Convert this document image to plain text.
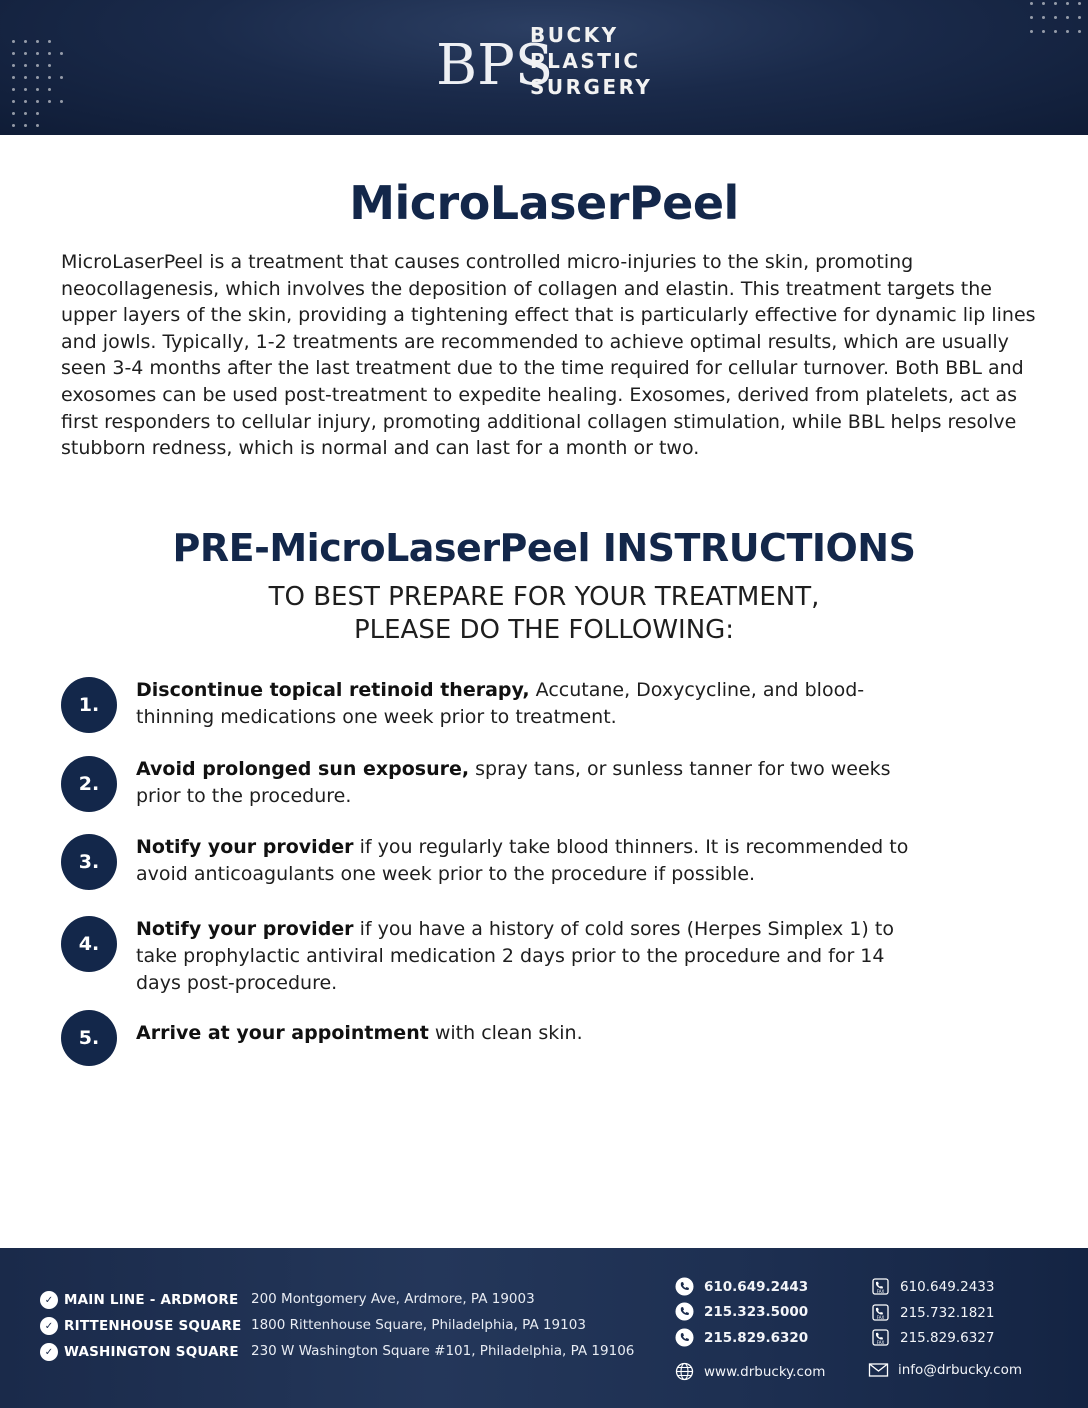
BPS
BUCKY
PLASTIC
SURGERY
MicroLaserPeel

MicroLaserPeel is a treatment that causes controlled micro-injuries to the skin, promoting neocollagenesis, which involves the deposition of collagen and elastin. This treatment targets the upper layers of the skin, providing a tightening effect that is particularly effective for dynamic lip lines and jowls. Typically, 1-2 treatments are recommended to achieve optimal results, which are usually seen 3-4 months after the last treatment due to the time required for cellular turnover. Both BBL and exosomes can be used post-treatment to expedite healing. Exosomes, derived from platelets, act as first responders to cellular injury, promoting additional collagen stimulation, while BBL helps resolve stubborn redness, which is normal and can last for a month or two.

PRE-MicroLaserPeel INSTRUCTIONS
TO BEST PREPARE FOR YOUR TREATMENT,
PLEASE DO THE FOLLOWING:
1.
Discontinue topical retinoid therapy, Accutane, Doxycycline, and blood-thinning medications one week prior to treatment.
2.
Avoid prolonged sun exposure, spray tans, or sunless tanner for two weeks prior to the procedure.
3.
Notify your provider if you regularly take blood thinners. It is recommended to avoid anticoagulants one week prior to the procedure if possible.
4.
Notify your provider if you have a history of cold sores (Herpes Simplex 1) to take prophylactic antiviral medication 2 days prior to the procedure and for 14 days post-procedure.
5.	Arrive at your appointment with clean skin.
✓ MAIN LINE - ARDMORE
✓ RITTENHOUSE SQUARE
✓ WASHINGTON SQUARE
200 Montgomery Ave, Ardmore, PA 19003
1800 Rittenhouse Square, Philadelphia, PA 19103
230 W Washington Square #101, Philadelphia, PA 19106
610.649.2443
215.323.5000
215.829.6320
FAX 610.649.2433
FAX 215.732.1821
FAX 215.829.6327
www.drbucky.com	info@drbucky.com
